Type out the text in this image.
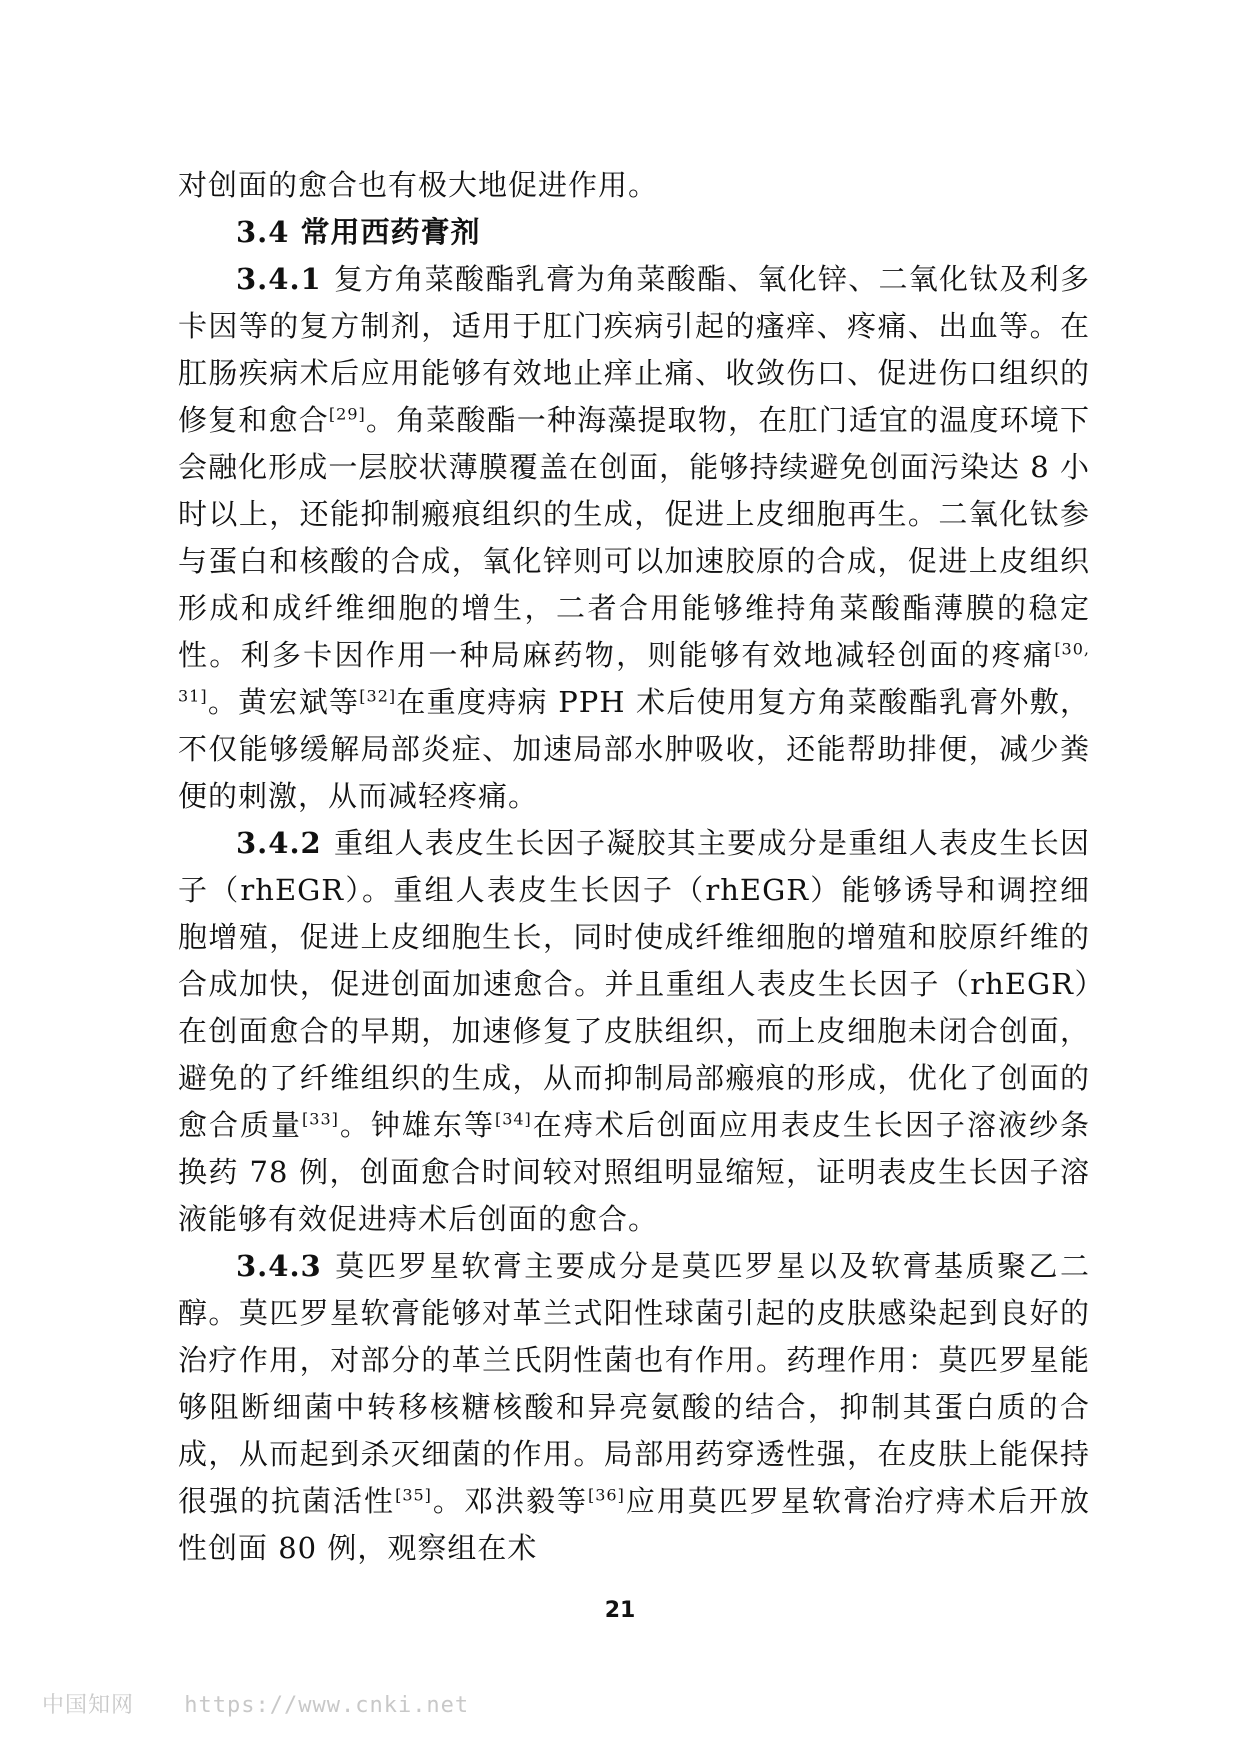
对创面的愈合也有极大地促进作用。

3.4 常用西药膏剂

3.4.1 复方角菜酸酯乳膏为角菜酸酯、氧化锌、二氧化钛及利多卡因等的复方制剂，适用于肛门疾病引起的瘙痒、疼痛、出血等。在肛肠疾病术后应用能够有效地止痒止痛、收敛伤口、促进伤口组织的修复和愈合[29]。角菜酸酯一种海藻提取物，在肛门适宜的温度环境下会融化形成一层胶状薄膜覆盖在创面，能够持续避免创面污染达 8 小时以上，还能抑制瘢痕组织的生成，促进上皮细胞再生。二氧化钛参与蛋白和核酸的合成，氧化锌则可以加速胶原的合成，促进上皮组织形成和成纤维细胞的增生，二者合用能够维持角菜酸酯薄膜的稳定性。利多卡因作用一种局麻药物，则能够有效地减轻创面的疼痛[30, 31]。黄宏斌等[32]在重度痔病 PPH 术后使用复方角菜酸酯乳膏外敷，不仅能够缓解局部炎症、加速局部水肿吸收，还能帮助排便，减少粪便的刺激，从而减轻疼痛。

3.4.2 重组人表皮生长因子凝胶其主要成分是重组人表皮生长因子（rhEGR）。重组人表皮生长因子（rhEGR）能够诱导和调控细胞增殖，促进上皮细胞生长，同时使成纤维细胞的增殖和胶原纤维的合成加快，促进创面加速愈合。并且重组人表皮生长因子（rhEGR）在创面愈合的早期，加速修复了皮肤组织，而上皮细胞未闭合创面，避免的了纤维组织的生成，从而抑制局部瘢痕的形成，优化了创面的愈合质量[33]。钟雄东等[34]在痔术后创面应用表皮生长因子溶液纱条换药 78 例，创面愈合时间较对照组明显缩短，证明表皮生长因子溶液能够有效促进痔术后创面的愈合。

3.4.3 莫匹罗星软膏主要成分是莫匹罗星以及软膏基质聚乙二醇。莫匹罗星软膏能够对革兰式阳性球菌引起的皮肤感染起到良好的治疗作用，对部分的革兰氏阴性菌也有作用。药理作用：莫匹罗星能够阻断细菌中转移核糖核酸和异亮氨酸的结合，抑制其蛋白质的合成，从而起到杀灭细菌的作用。局部用药穿透性强，在皮肤上能保持很强的抗菌活性[35]。邓洪毅等[36]应用莫匹罗星软膏治疗痔术后开放性创面 80 例，观察组在术

21
中国知网 https://www.cnki.net
